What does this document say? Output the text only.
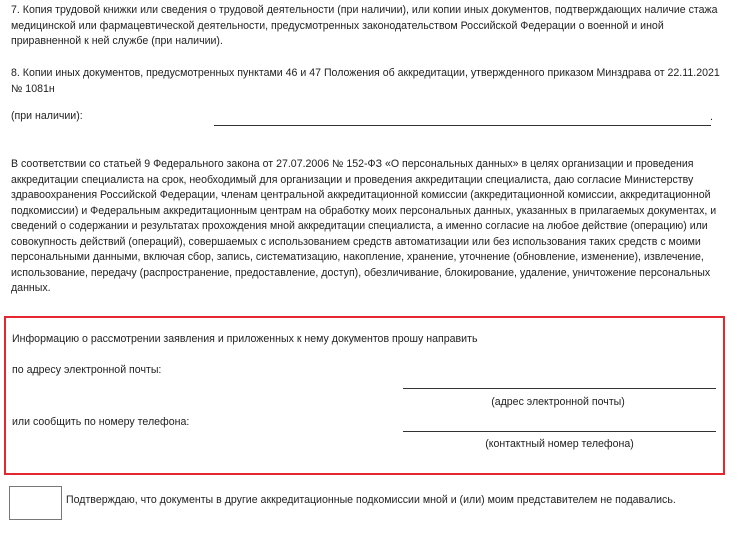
7. Копия трудовой книжки или сведения о трудовой деятельности (при наличии), или копии иных документов, подтверждающих наличие стажа медицинской или фармацевтической деятельности, предусмотренных законодательством Российской Федерации о военной и иной приравненной к ней службе (при наличии).

8. Копии иных документов, предусмотренных пунктами 46 и 47 Положения об аккредитации, утвержденного приказом Минздрава от 22.11.2021 № 1081н

(при наличии):	.

В соответствии со статьей 9 Федерального закона от 27.07.2006 № 152-ФЗ «О персональных данных» в целях организации и проведения аккредитации специалиста на срок, необходимый для организации и проведения аккредитации специалиста, даю согласие Министерству здравоохранения Российской Федерации, членам центральной аккредитационной комиссии (аккредитационной комиссии, аккредитационной подкомиссии) и Федеральным аккредитационным центрам на обработку моих персональных данных, указанных в прилагаемых документах, и сведений о содержании и результатах прохождения мной аккредитации специалиста, а именно согласие на любое действие (операцию) или совокупность действий (операций), совершаемых с использованием средств автоматизации или без использования таких средств с моими персональными данными, включая сбор, запись, систематизацию, накопление, хранение, уточнение (обновление, изменение), извлечение, использование, передачу (распространение, предоставление, доступ), обезличивание, блокирование, удаление, уничтожение персональных данных.

Информацию о рассмотрении заявления и приложенных к нему документов прошу направить
по адресу электронной почты:
(адрес электронной почты)
или сообщить по номеру телефона:
(контактный номер телефона)
Подтверждаю, что документы в другие аккредитационные подкомиссии мной и (или) моим представителем не подавались.
